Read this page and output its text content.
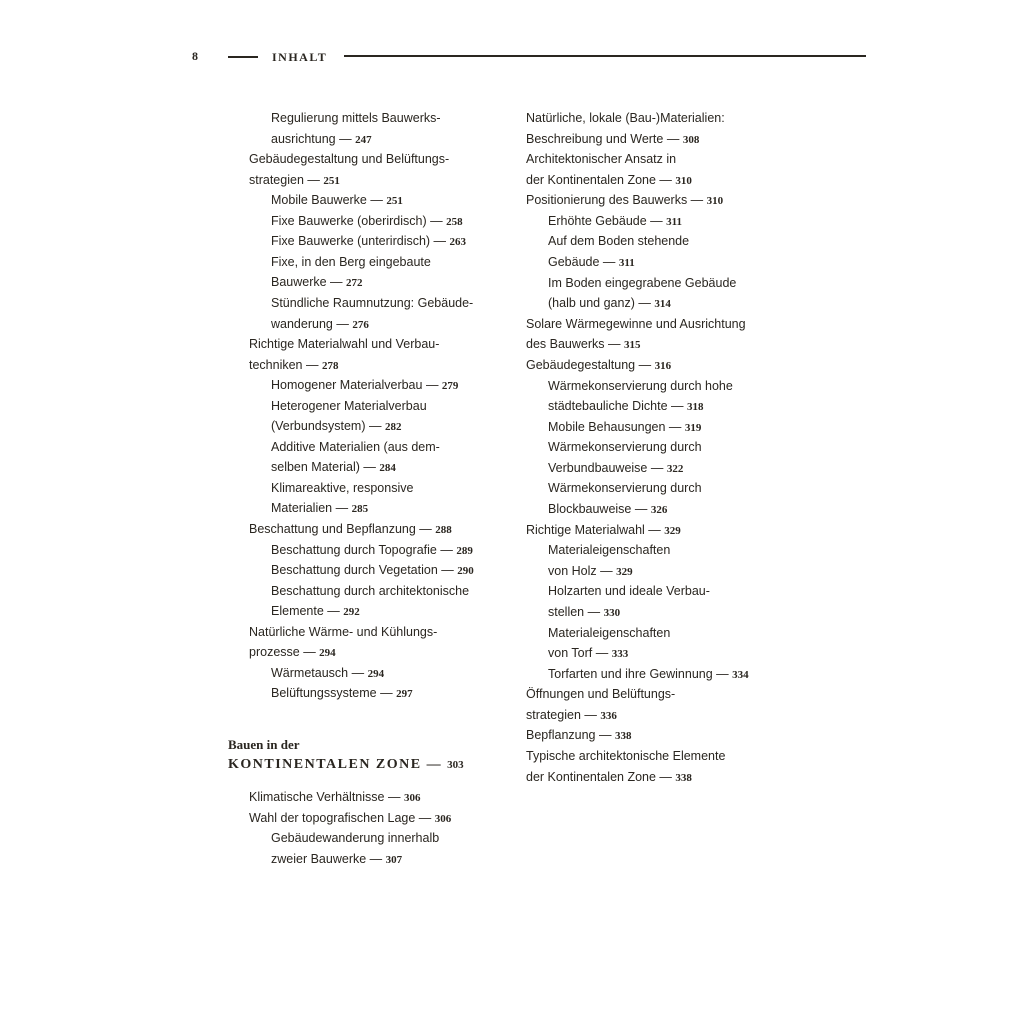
8	INHALT
Regulierung mittels Bauwerks-
ausrichtung — 247
Gebäudegestaltung und Belüftungs-
strategien — 251
Mobile Bauwerke — 251
Fixe Bauwerke (oberirdisch) — 258
Fixe Bauwerke (unterirdisch) — 263
Fixe, in den Berg eingebaute
Bauwerke — 272
Stündliche Raumnutzung: Gebäude-
wanderung — 276
Richtige Materialwahl und Verbau-
techniken — 278
Homogener Materialverbau — 279
Heterogener Materialverbau
(Verbundsystem) — 282
Additive Materialien (aus dem-
selben Material) — 284
Klimareaktive, responsive
Materialien — 285
Beschattung und Bepflanzung — 288
Beschattung durch Topografie — 289
Beschattung durch Vegetation — 290
Beschattung durch architektonische
Elemente — 292
Natürliche Wärme- und Kühlungs-
prozesse — 294
Wärmetausch — 294
Belüftungssysteme — 297
Bauen in der
KONTINENTALEN ZONE — 303
Klimatische Verhältnisse — 306
Wahl der topografischen Lage — 306
Gebäudewanderung innerhalb
zweier Bauwerke — 307
Natürliche, lokale (Bau-)Materialien:
Beschreibung und Werte — 308
Architektonischer Ansatz in
der Kontinentalen Zone — 310
Positionierung des Bauwerks — 310
Erhöhte Gebäude — 311
Auf dem Boden stehende
Gebäude — 311
Im Boden eingegrabene Gebäude
(halb und ganz) — 314
Solare Wärmegewinne und Ausrichtung
des Bauwerks — 315
Gebäudegestaltung — 316
Wärmekonservierung durch hohe
städtebauliche Dichte — 318
Mobile Behausungen — 319
Wärmekonservierung durch
Verbundbauweise — 322
Wärmekonservierung durch
Blockbauweise — 326
Richtige Materialwahl — 329
Materialeigenschaften
von Holz — 329
Holzarten und ideale Verbau-
stellen — 330
Materialeigenschaften
von Torf — 333
Torfarten und ihre Gewinnung — 334
Öffnungen und Belüftungs-
strategien — 336
Bepflanzung — 338
Typische architektonische Elemente
der Kontinentalen Zone — 338
